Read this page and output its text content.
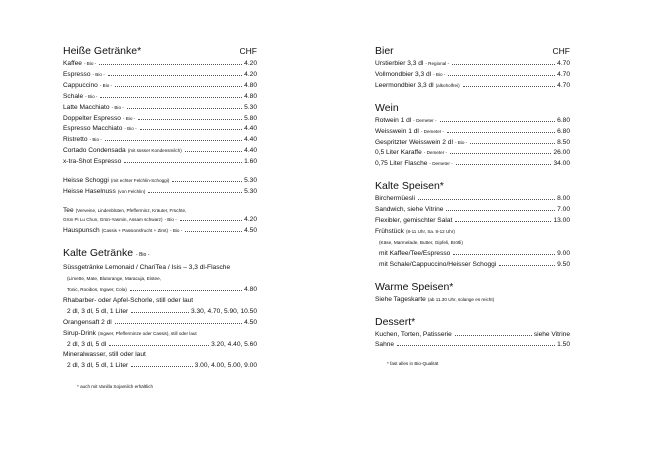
Heiße Getränke*	CHF
Kaffee - Bio -	4.20
Espresso - Bio -	4.20
Cappuccino - Bio -	4.80
Schale - Bio -	4.80
Latte Macchiato - Bio -	5.30
Doppelter Espresso - Bio -	5.80
Espresso Macchiato - Bio -	4.40
Ristretto - Bio -	4.40
Cortado Condensada (mit süsser Kondensmilch)	4.40
x-tra-Shot Espresso	1.60
Heisse Schoggi (mit echter Felchlin-Schoggi)	5.30
Heisse Haselnuss (von Felchlin)	5.30
Tee (Verveine, Lindenblüten, Pfefferminz, Kräuter, Früchte,
Grün Pi Lu Chun, Grün-Yasmin, Assam schwarz) - Bio -	4.20
Hauspunsch (Cassis + Passionsfrucht + Zimt) - Bio -	4.50
Kalte Getränke - Bio -
Süssgetränke Lemonaid / ChariTea / Isis – 3,3 dl-Flasche
(Limette, Mate, Blutorange, Maracuja, Eistee,
Tonic, Rooibos, Ingwer, Cola)	4.80
Rhabarber- oder Apfel-Schorle, still oder laut
2 dl, 3 dl, 5 dl, 1 Liter	3.30, 4.70, 5.90, 10.50
Orangensaft 2 dl	4.50
Sirup-Drink (Ingwer, Pfefferminze oder Cassis), still oder laut
2 dl, 3 dl, 5 dl	3.20, 4.40, 5.60
Mineralwasser, still oder laut
2 dl, 3 dl, 5 dl, 1 Liter	3.00, 4.00, 5.00, 9.00
* auch mit Vanilla Sojamilch erhältlich
Bier	CHF
Urstierbier 3,3 dl - Regional -	4.70
Vollmondbier 3,3 dl - Bio -	4.70
Leermondbier 3,3 dl (alkoholfrei)	4.70
Wein
Rotwein 1 dl - Demeter -	6.80
Weisswein 1 dl - Demeter -	6.80
Gespritzter Weisswein 2 dl - Bio -	8.50
0,5 Liter Karaffe - Demeter -	26.00
0,75 Liter Flasche - Demeter -	34.00
Kalte Speisen*
Birchermüesli	8.00
Sandwich, siehe Vitrine	7.00
Flexibler, gemischter Salat	13.00
Frühstück (8-11 Uhr, Sa. 8-12 Uhr)
(Käse, Marmelade, Butter, Gipfeli, Brötli)
mit Kaffee/Tee/Espresso	9.00
mit Schale/Cappuccino/Heisser Schoggi	9.50
Warme Speisen*
Siehe Tageskarte (ab 11.30 Uhr, solange es reicht)
Dessert*
Kuchen, Torten, Patisserie	siehe Vitrine
Sahne	1.50
* fast alles in Bio-Qualität
